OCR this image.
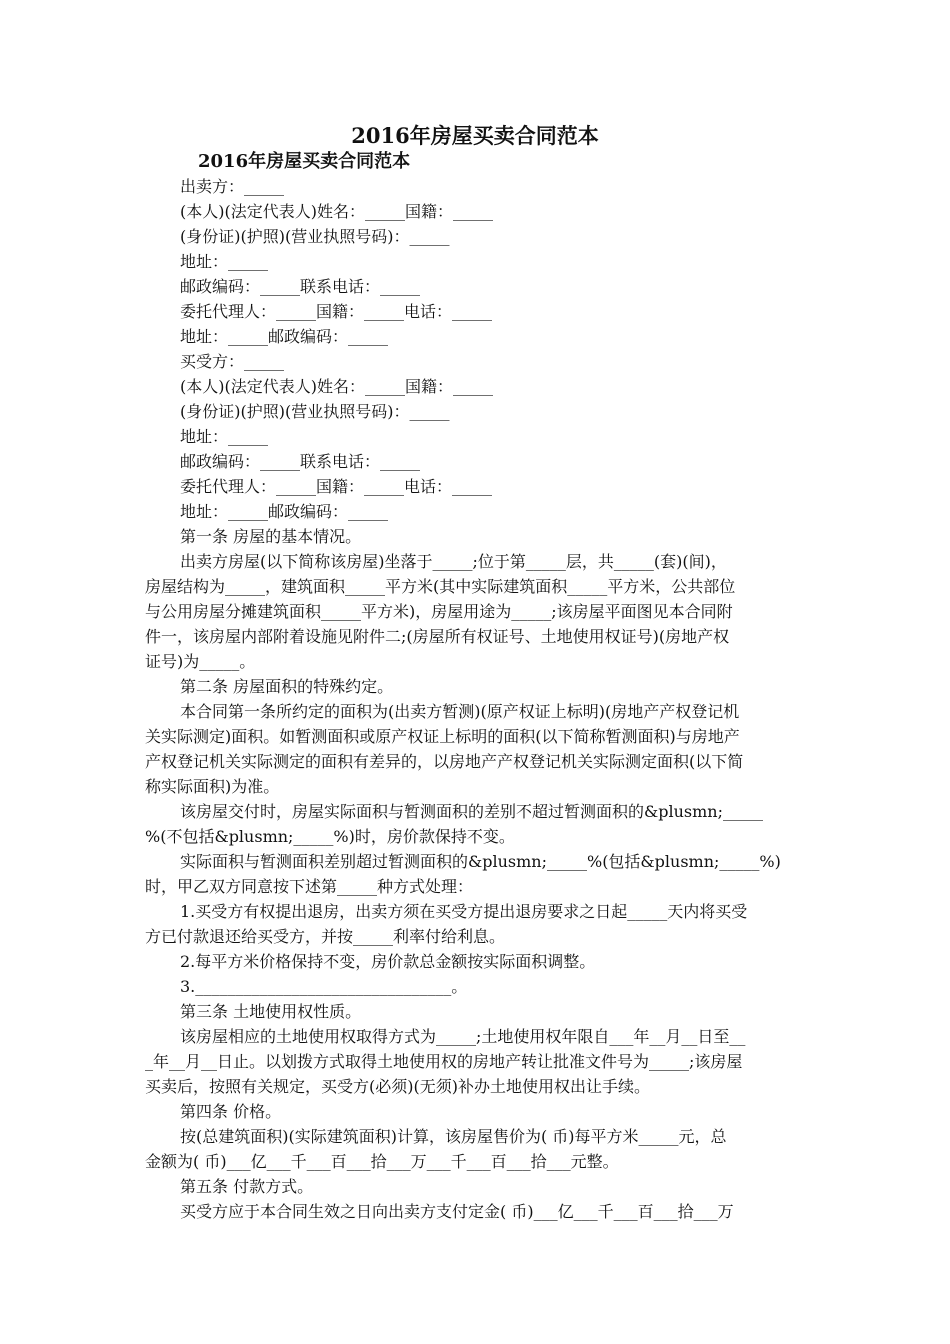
2016年房屋买卖合同范本
2016年房屋买卖合同范本
出卖方：_____
(本人)(法定代表人)姓名：_____国籍：_____
(身份证)(护照)(营业执照号码)：_____
地址：_____
邮政编码：_____联系电话：_____
委托代理人：_____国籍：_____电话：_____
地址：_____邮政编码：_____
买受方：_____
(本人)(法定代表人)姓名：_____国籍：_____
(身份证)(护照)(营业执照号码)：_____
地址：_____
邮政编码：_____联系电话：_____
委托代理人：_____国籍：_____电话：_____
地址：_____邮政编码：_____
第一条 房屋的基本情况。
出卖方房屋(以下简称该房屋)坐落于_____;位于第_____层，共_____(套)(间)，
房屋结构为_____，建筑面积_____平方米(其中实际建筑面积_____平方米，公共部位
与公用房屋分摊建筑面积_____平方米)，房屋用途为_____;该房屋平面图见本合同附
件一，该房屋内部附着设施见附件二;(房屋所有权证号、土地使用权证号)(房地产权
证号)为_____。
第二条 房屋面积的特殊约定。
本合同第一条所约定的面积为(出卖方暂测)(原产权证上标明)(房地产产权登记机
关实际测定)面积。如暂测面积或原产权证上标明的面积(以下简称暂测面积)与房地产
产权登记机关实际测定的面积有差异的，以房地产产权登记机关实际测定面积(以下简
称实际面积)为准。
该房屋交付时，房屋实际面积与暂测面积的差别不超过暂测面积的&plusmn;_____
%(不包括&plusmn;_____%)时，房价款保持不变。
实际面积与暂测面积差别超过暂测面积的&plusmn;_____%(包括&plusmn;_____%)
时，甲乙双方同意按下述第_____种方式处理：
1.买受方有权提出退房，出卖方须在买受方提出退房要求之日起_____天内将买受
方已付款退还给买受方，并按_____利率付给利息。
2.每平方米价格保持不变，房价款总金额按实际面积调整。
3.________________________________。
第三条 土地使用权性质。
该房屋相应的土地使用权取得方式为_____;土地使用权年限自___年__月__日至__
_年__月__日止。以划拨方式取得土地使用权的房地产转让批准文件号为_____;该房屋
买卖后，按照有关规定，买受方(必须)(无须)补办土地使用权出让手续。
第四条 价格。
按(总建筑面积)(实际建筑面积)计算，该房屋售价为( 币)每平方米_____元，总
金额为( 币)___亿___千___百___拾___万___千___百___拾___元整。
第五条 付款方式。
买受方应于本合同生效之日向出卖方支付定金( 币)___亿___千___百___拾___万
